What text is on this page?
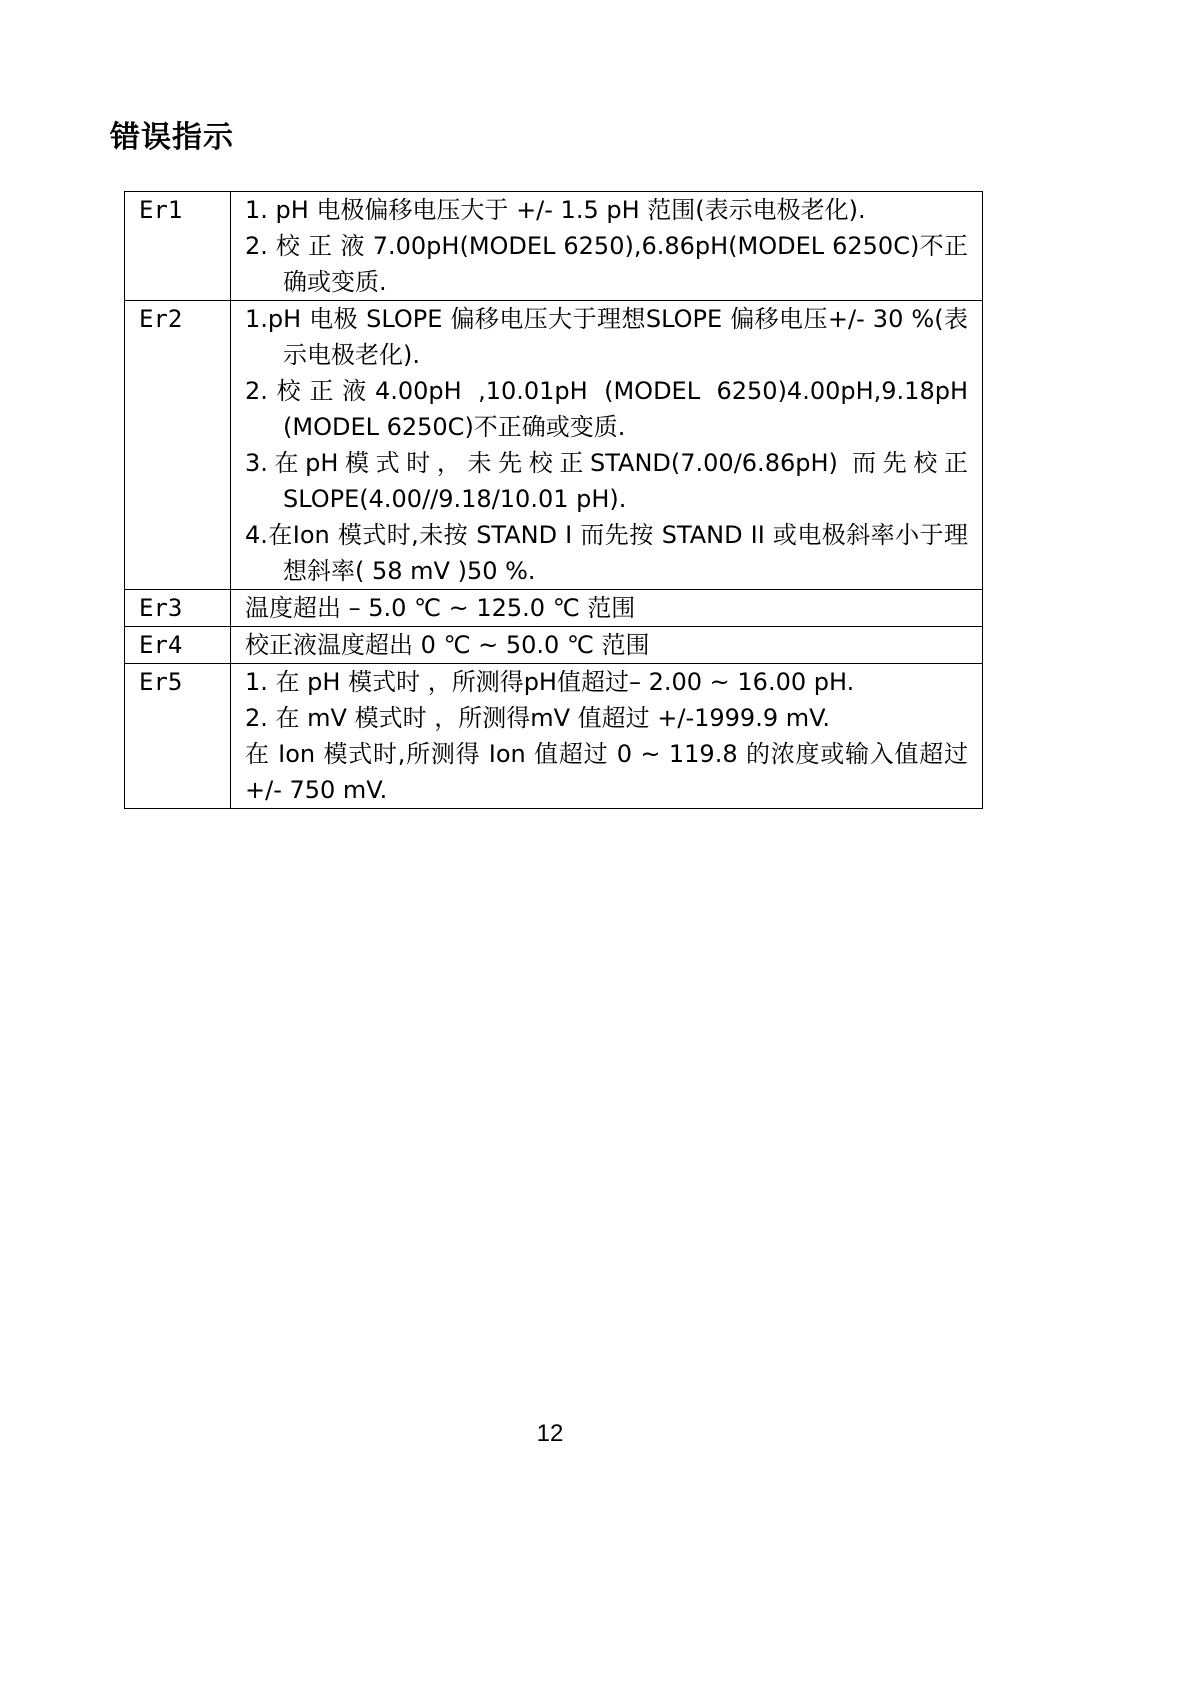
错误指示
Er1	1. pH 电极偏移电压大于 +/- 1.5 pH 范围(表示电极老化).
2. 校 正 液 7.00pH(MODEL 6250),6.86pH(MODEL 6250C)不正确或变质.

Er2	1.pH 电极 SLOPE 偏移电压大于理想SLOPE 偏移电压+/- 30 %(表示电极老化).
2.校正液4.00pH ,10.01pH (MODEL 6250)4.00pH,9.18pH (MODEL 6250C)不正确或变质.
3.在pH模式时，未先校正STAND(7.00/6.86pH) 而先校正SLOPE(4.00//9.18/10.01 pH).
4.在Ion 模式时,未按 STAND I 而先按 STAND II 或电极斜率小于理想斜率( 58 mV )50 %.

Er3	温度超出 – 5.0 ℃ ~ 125.0 ℃ 范围

Er4	校正液温度超出 0 ℃ ~ 50.0 ℃ 范围

Er5	1. 在 pH 模式时 ，所测得pH值超过– 2.00 ~ 16.00 pH.
2. 在 mV 模式时 ，所测得mV 值超过 +/-1999.9 mV.
在 Ion 模式时,所测得 Ion 值超过 0 ~ 119.8 的浓度或输入值超过 +/- 750 mV.
12
